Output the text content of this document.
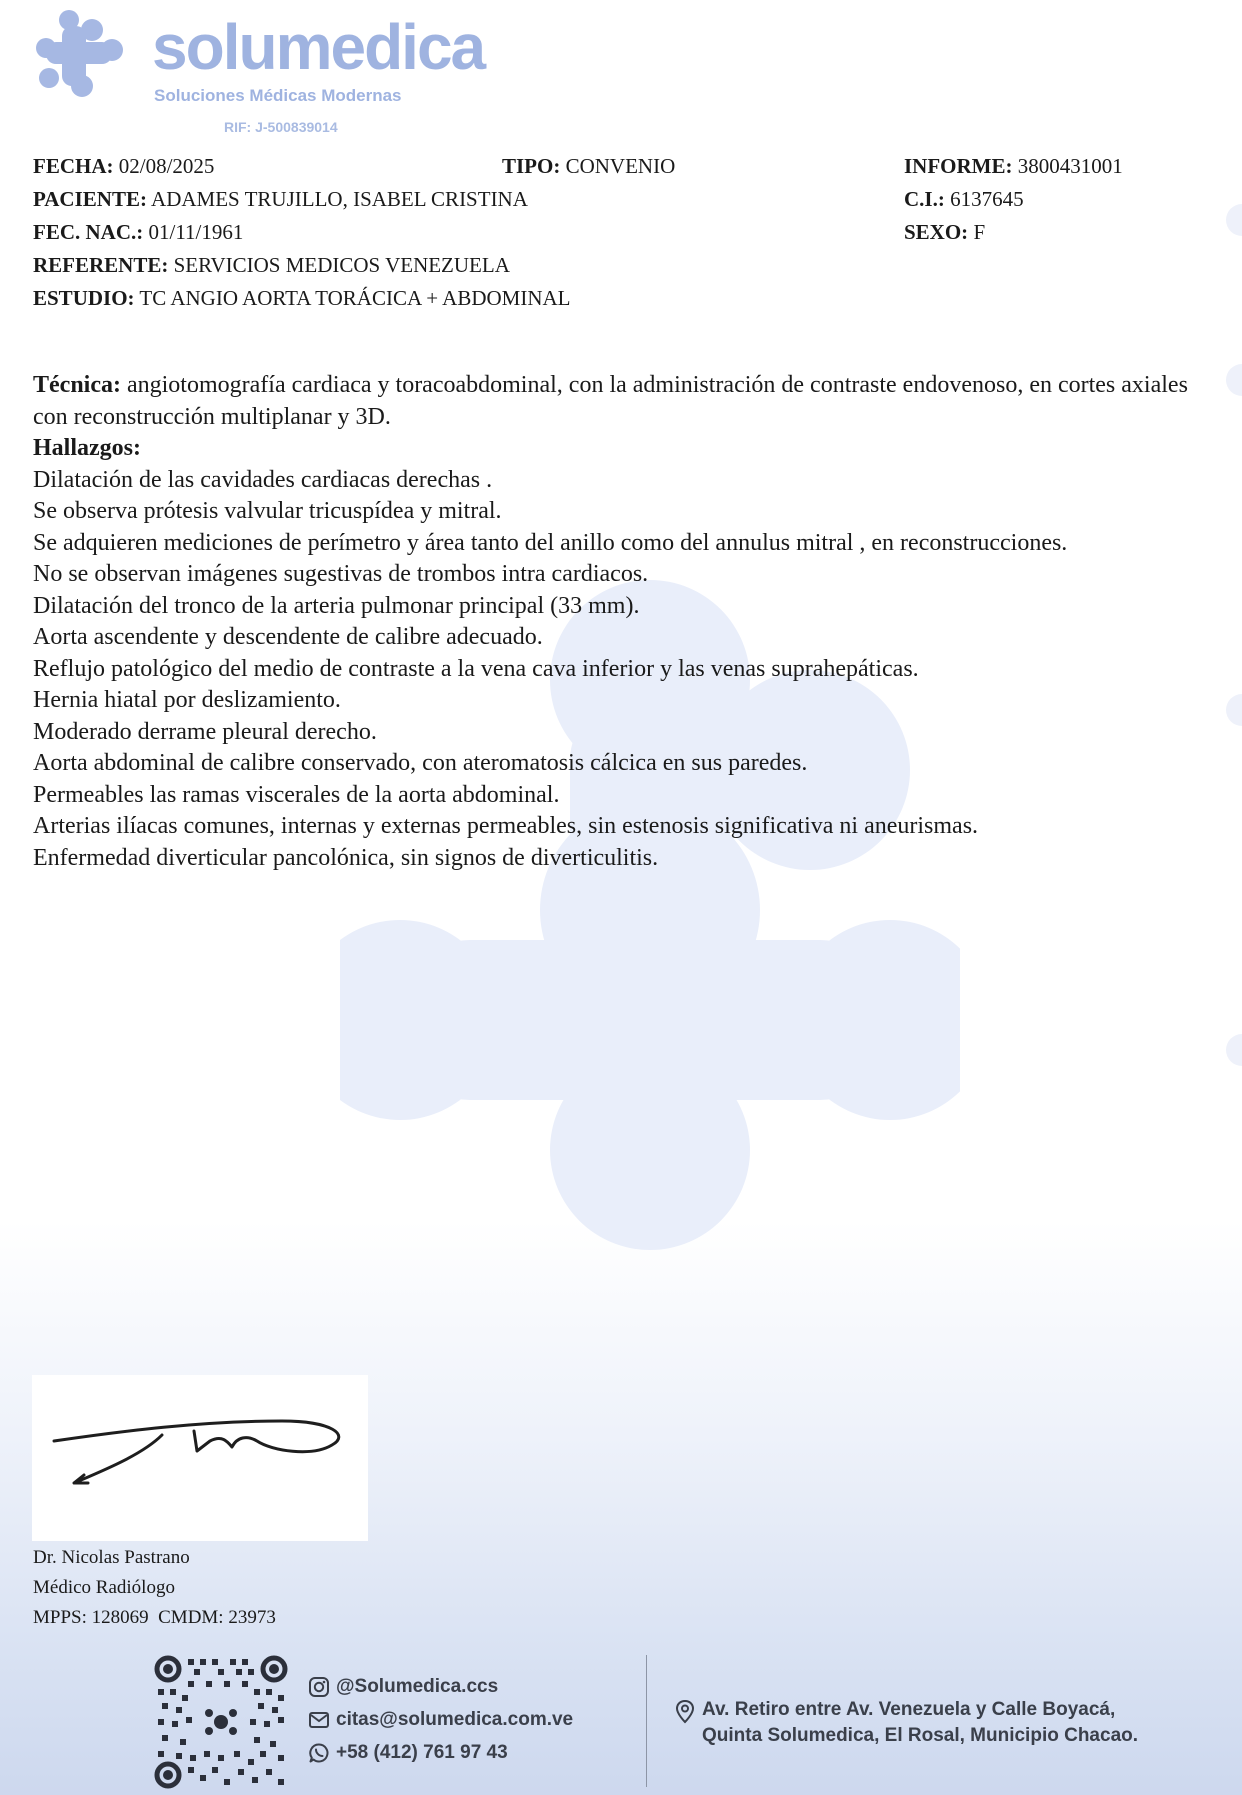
solumedica
Soluciones Médicas Modernas
RIF: J-500839014
FECHA: 02/08/2025	TIPO: CONVENIO	INFORME: 3800431001
PACIENTE: ADAMES TRUJILLO, ISABEL CRISTINA	C.I.: 6137645
FEC. NAC.: 01/11/1961	SEXO: F
REFERENTE: SERVICIOS MEDICOS VENEZUELA
ESTUDIO: TC ANGIO AORTA TORÁCICA + ABDOMINAL

Técnica: angiotomografía cardiaca y toracoabdominal, con la administración de contraste endovenoso, en cortes axiales con reconstrucción multiplanar y 3D.

Hallazgos:

Dilatación de las cavidades cardiacas derechas .

Se observa prótesis valvular tricuspídea y mitral.

Se adquieren mediciones de perímetro y área tanto del anillo como del annulus mitral , en reconstrucciones.

No se observan imágenes sugestivas de trombos intra cardiacos.

Dilatación del tronco de la arteria pulmonar principal (33 mm).

Aorta ascendente y descendente de calibre adecuado.

Reflujo patológico del medio de contraste a la vena cava inferior y las venas suprahepáticas.

Hernia hiatal por deslizamiento.

Moderado derrame pleural derecho.

Aorta abdominal de calibre conservado, con ateromatosis cálcica en sus paredes.

Permeables las ramas viscerales de la aorta abdominal.

Arterias ilíacas comunes, internas y externas permeables, sin estenosis significativa ni aneurismas.

Enfermedad diverticular pancolónica, sin signos de diverticulitis.

Dr. Nicolas Pastrano
Médico Radiólogo
MPPS: 128069  CMDM: 23973
@Solumedica.ccs
citas@solumedica.com.ve
+58 (412) 761 97 43
Av. Retiro entre Av. Venezuela y Calle Boyacá,
Quinta Solumedica, El Rosal, Municipio Chacao.
